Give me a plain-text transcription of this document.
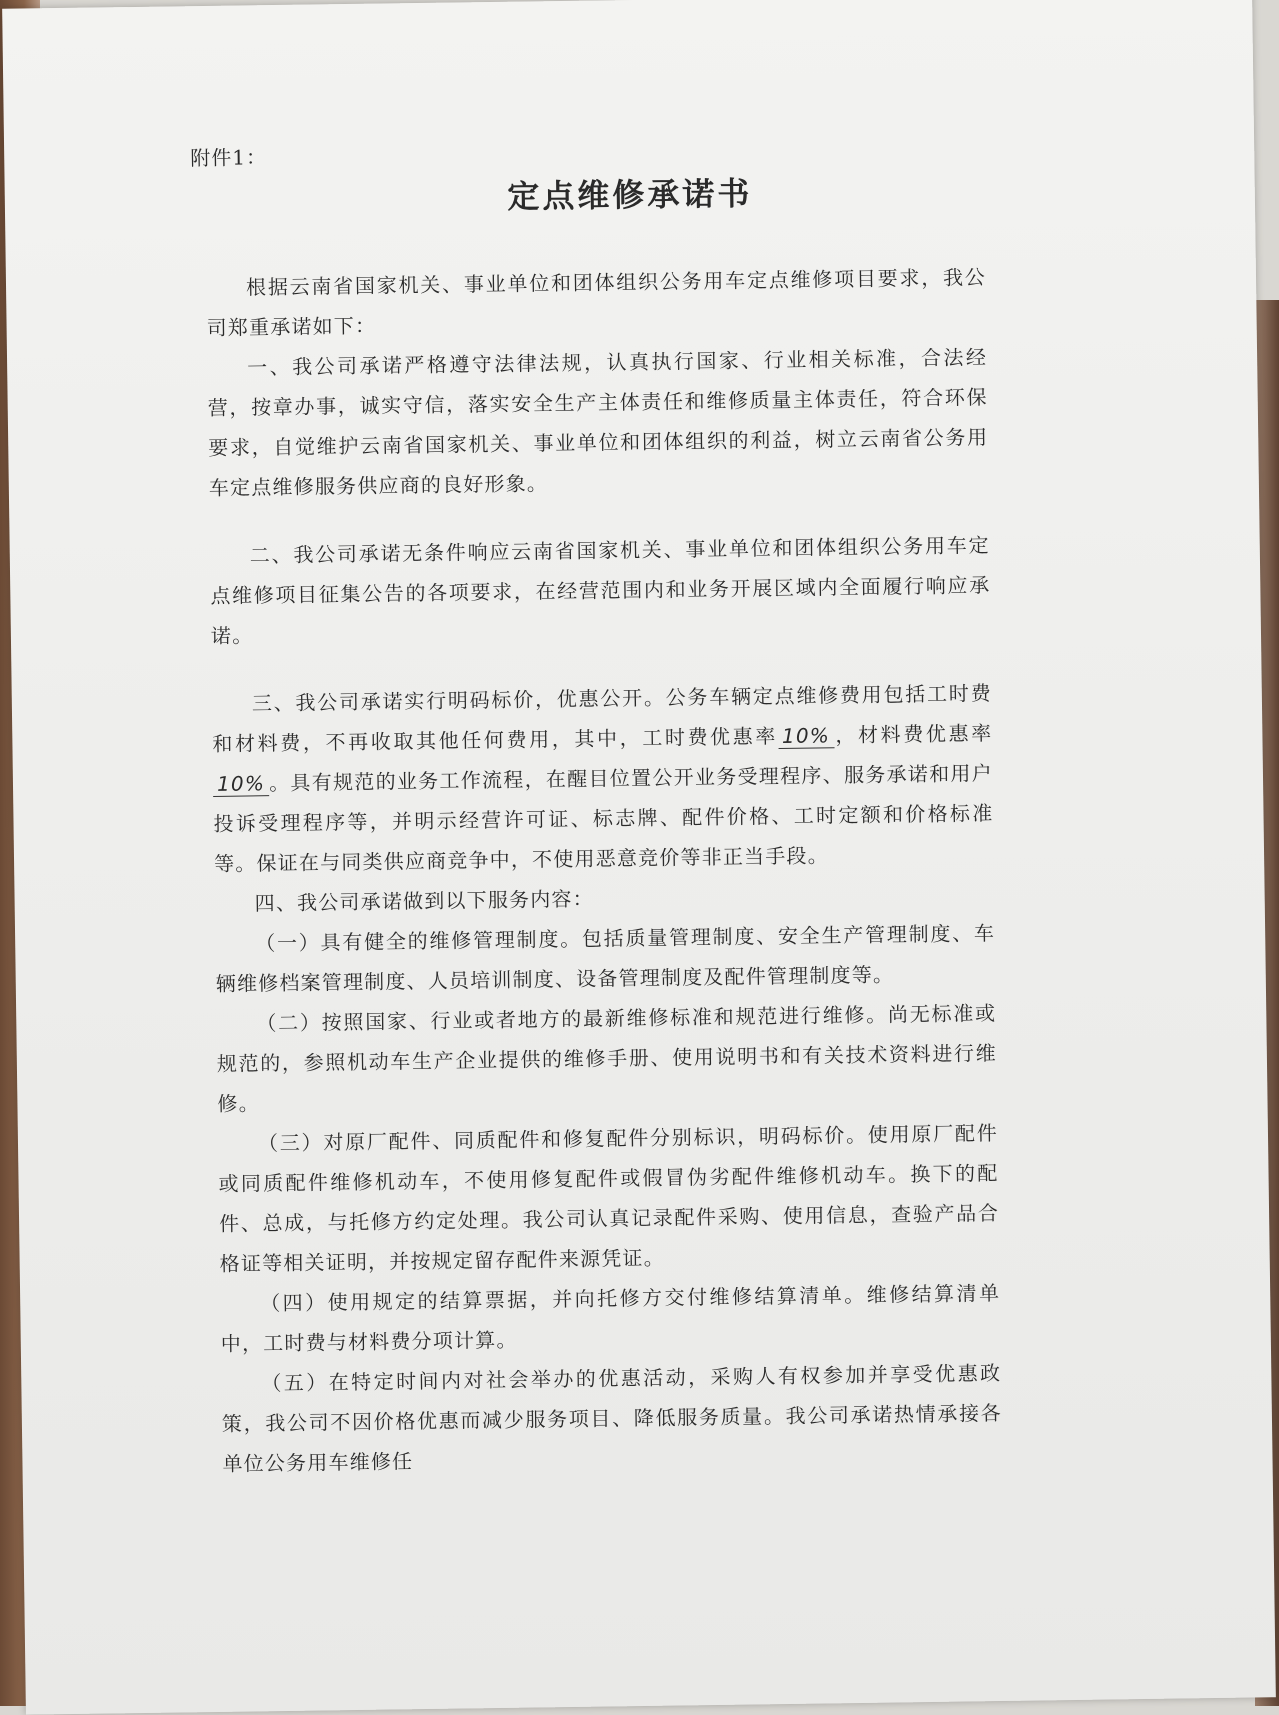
附件1：
定点维修承诺书

根据云南省国家机关、事业单位和团体组织公务用车定点维修项目要求，我公司郑重承诺如下：

一、我公司承诺严格遵守法律法规，认真执行国家、行业相关标准，合法经营，按章办事，诚实守信，落实安全生产主体责任和维修质量主体责任，符合环保要求，自觉维护云南省国家机关、事业单位和团体组织的利益，树立云南省公务用车定点维修服务供应商的良好形象。

二、我公司承诺无条件响应云南省国家机关、事业单位和团体组织公务用车定点维修项目征集公告的各项要求，在经营范围内和业务开展区域内全面履行响应承诺。

三、我公司承诺实行明码标价，优惠公开。公务车辆定点维修费用包括工时费和材料费，不再收取其他任何费用，其中，工时费优惠率 10% ，材料费优惠率10% 。具有规范的业务工作流程，在醒目位置公开业务受理程序、服务承诺和用户投诉受理程序等，并明示经营许可证、标志牌、配件价格、工时定额和价格标准等。保证在与同类供应商竞争中，不使用恶意竞价等非正当手段。

四、我公司承诺做到以下服务内容：

（一）具有健全的维修管理制度。包括质量管理制度、安全生产管理制度、车辆维修档案管理制度、人员培训制度、设备管理制度及配件管理制度等。

（二）按照国家、行业或者地方的最新维修标准和规范进行维修。尚无标准或规范的，参照机动车生产企业提供的维修手册、使用说明书和有关技术资料进行维修。

（三）对原厂配件、同质配件和修复配件分别标识，明码标价。使用原厂配件或同质配件维修机动车，不使用修复配件或假冒伪劣配件维修机动车。换下的配件、总成，与托修方约定处理。我公司认真记录配件采购、使用信息，查验产品合格证等相关证明，并按规定留存配件来源凭证。

（四）使用规定的结算票据，并向托修方交付维修结算清单。维修结算清单中，工时费与材料费分项计算。

（五）在特定时间内对社会举办的优惠活动，采购人有权参加并享受优惠政策，我公司不因价格优惠而减少服务项目、降低服务质量。我公司承诺热情承接各单位公务用车维修任
